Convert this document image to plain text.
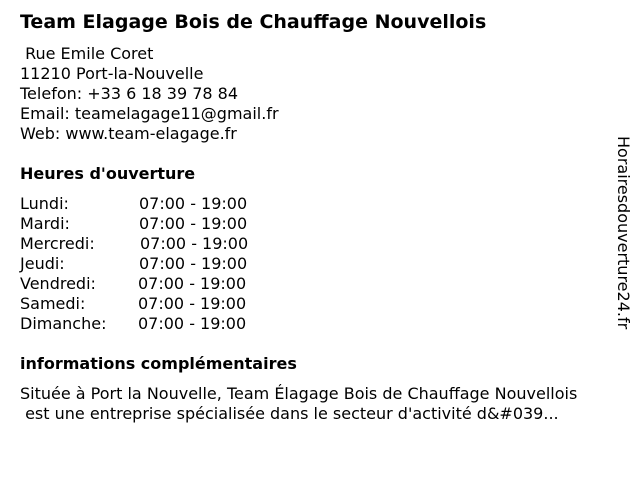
Team Elagage Bois de Chauffage Nouvellois
Rue Emile Coret
11210 Port-la-Nouvelle
Telefon: +33 6 18 39 78 84
Email: teamelagage11@gmail.fr
Web: www.team-elagage.fr
Heures d'ouverture
Lundi:	07:00 - 19:00
Mardi:	07:00 - 19:00
Mercredi:	07:00 - 19:00
Jeudi:	07:00 - 19:00
Vendredi:	07:00 - 19:00
Samedi:	07:00 - 19:00
Dimanche: 07:00 - 19:00
informations complémentaires
Située à Port la Nouvelle, Team Élagage Bois de Chauffage Nouvellois
est une entreprise spécialisée dans le secteur d'activité d&#039...
Horairesdouverture24.fr
